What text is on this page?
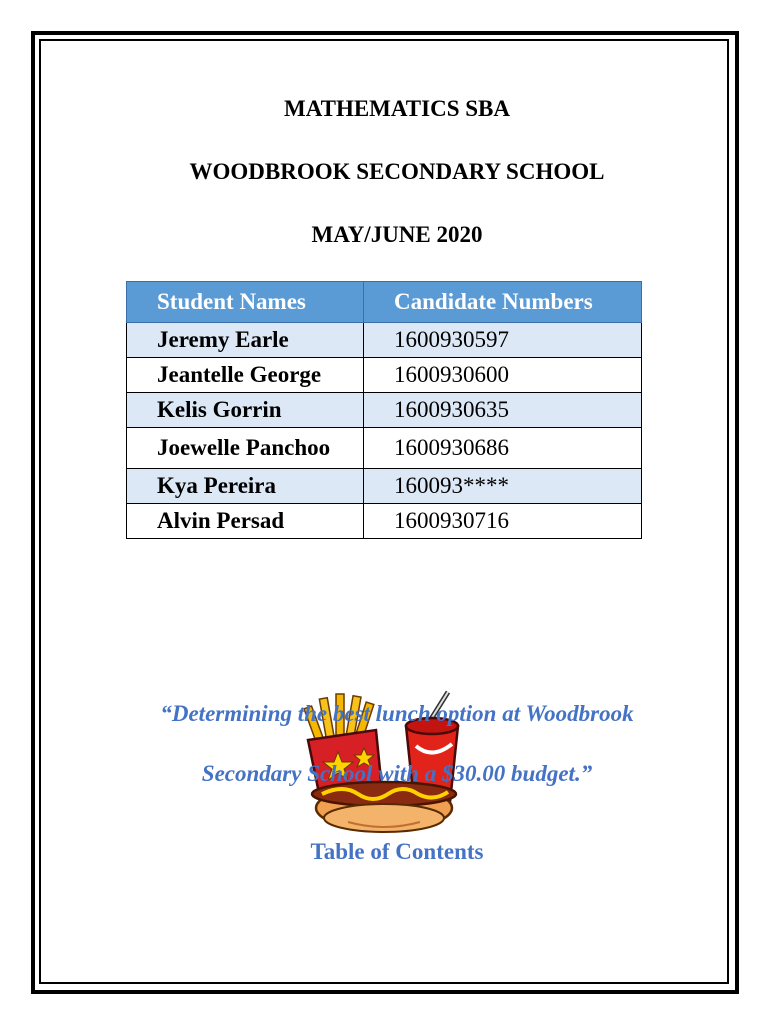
MATHEMATICS SBA
WOODBROOK SECONDARY SCHOOL
MAY/JUNE 2020
Student Names	Candidate Numbers
Jeremy Earle	1600930597
Jeantelle George	1600930600
Kelis Gorrin	1600930635
Joewelle Panchoo	1600930686
Kya Pereira	160093****
Alvin Persad	1600930716
“Determining the best lunch option at Woodbrook
Secondary School with a $30.00 budget.”
Table of Contents
